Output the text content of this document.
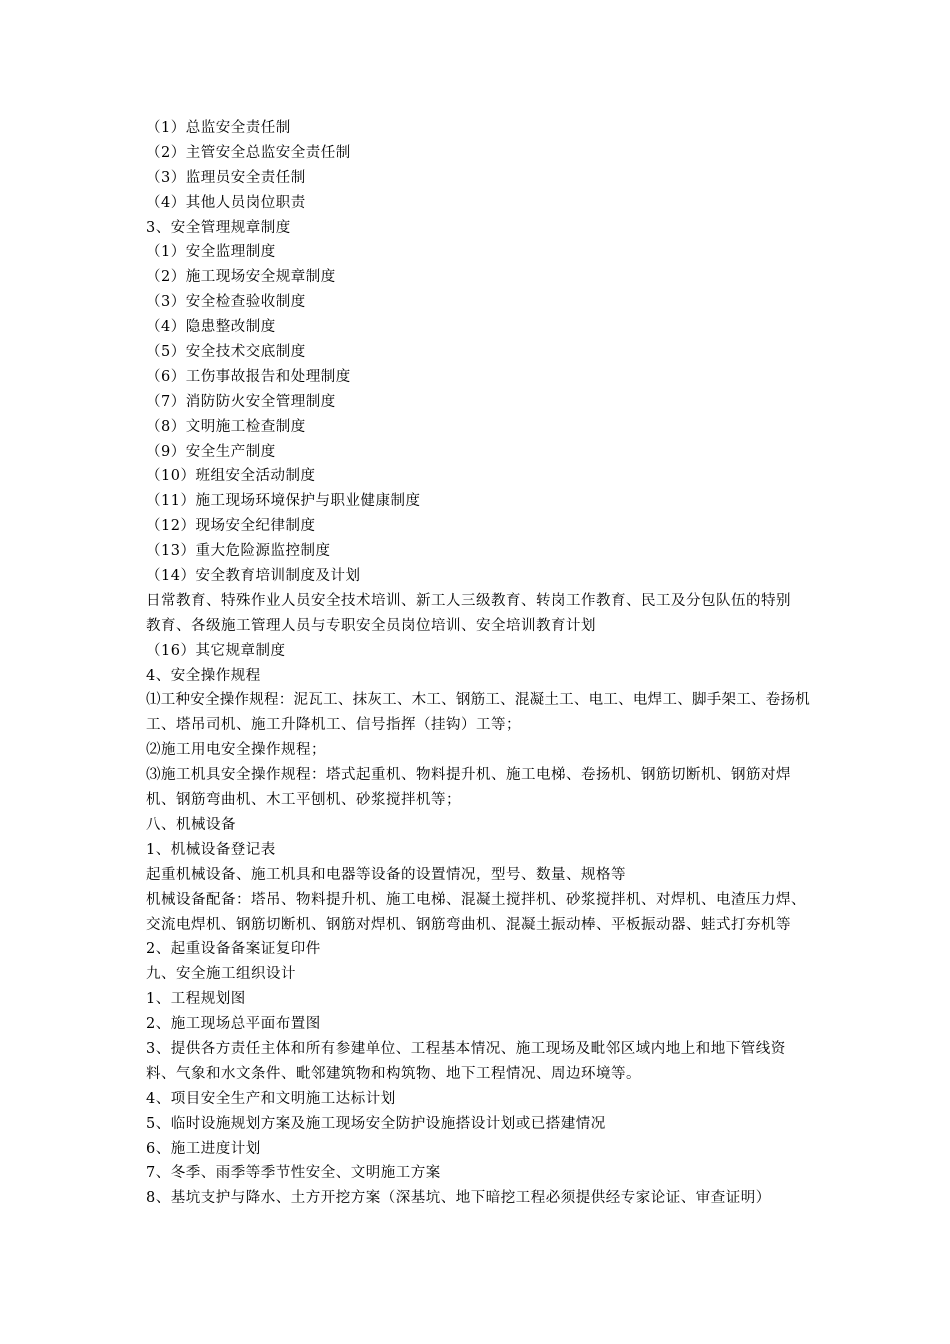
（1）总监安全责任制
（2）主管安全总监安全责任制
（3）监理员安全责任制
（4）其他人员岗位职责
3、安全管理规章制度
（1）安全监理制度
（2）施工现场安全规章制度
（3）安全检查验收制度
（4）隐患整改制度
（5）安全技术交底制度
（6）工伤事故报告和处理制度
（7）消防防火安全管理制度
（8）文明施工检查制度
（9）安全生产制度
（10）班组安全活动制度
（11）施工现场环境保护与职业健康制度
（12）现场安全纪律制度
（13）重大危险源监控制度
（14）安全教育培训制度及计划
日常教育、特殊作业人员安全技术培训、新工人三级教育、转岗工作教育、民工及分包队伍的特别
教育、各级施工管理人员与专职安全员岗位培训、安全培训教育计划
（16）其它规章制度
4、安全操作规程
⑴工种安全操作规程：泥瓦工、抹灰工、木工、钢筋工、混凝土工、电工、电焊工、脚手架工、卷扬机
工、塔吊司机、施工升降机工、信号指挥（挂钩）工等；
⑵施工用电安全操作规程；
⑶施工机具安全操作规程：塔式起重机、物料提升机、施工电梯、卷扬机、钢筋切断机、钢筋对焊
机、钢筋弯曲机、木工平刨机、砂浆搅拌机等；
八、机械设备
1、机械设备登记表
起重机械设备、施工机具和电器等设备的设置情况，型号、数量、规格等
机械设备配备：塔吊、物料提升机、施工电梯、混凝土搅拌机、砂浆搅拌机、对焊机、电渣压力焊、
交流电焊机、钢筋切断机、钢筋对焊机、钢筋弯曲机、混凝土振动棒、平板振动器、蛙式打夯机等
2、起重设备备案证复印件
九、安全施工组织设计
1、工程规划图
2、施工现场总平面布置图
3、提供各方责任主体和所有参建单位、工程基本情况、施工现场及毗邻区域内地上和地下管线资
料、气象和水文条件、毗邻建筑物和构筑物、地下工程情况、周边环境等。
4、项目安全生产和文明施工达标计划
5、临时设施规划方案及施工现场安全防护设施搭设计划或已搭建情况
6、施工进度计划
7、冬季、雨季等季节性安全、文明施工方案
8、基坑支护与降水、土方开挖方案（深基坑、地下暗挖工程必须提供经专家论证、审查证明）
